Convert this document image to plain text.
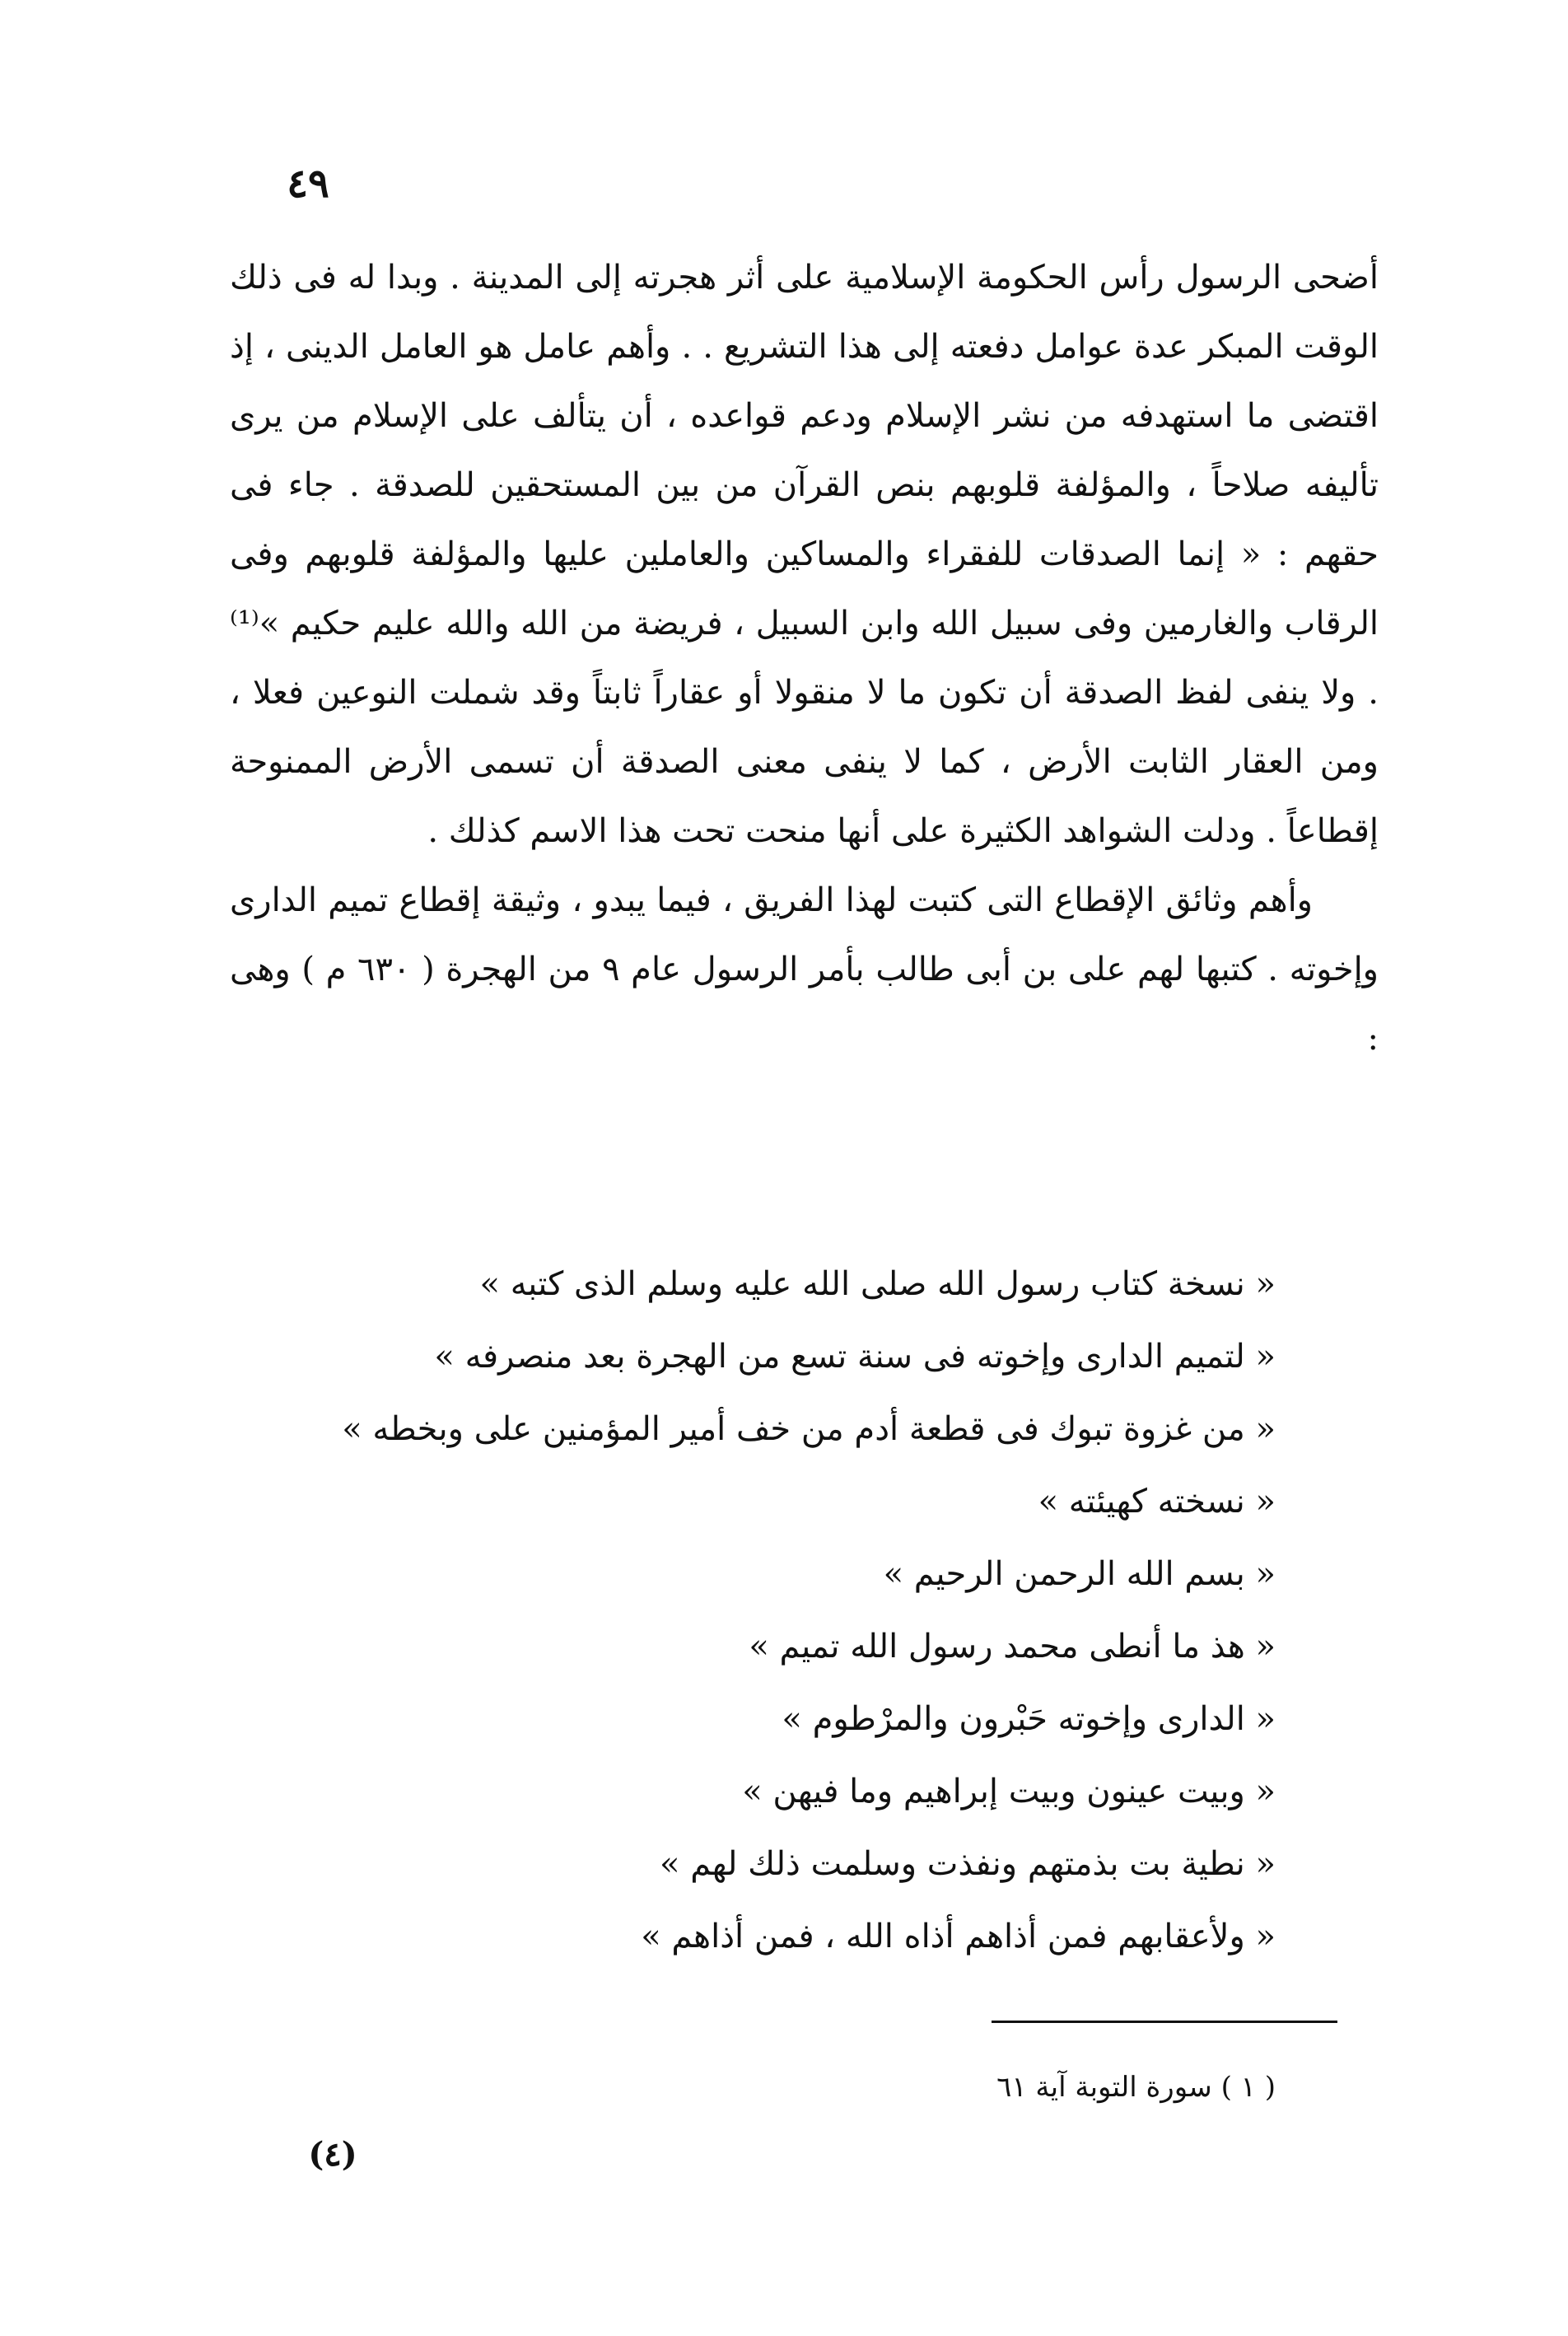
٤٩

أضحى الرسول رأس الحكومة الإسلامية على أثر هجرته إلى المدينة . وبدا له فى ذلك الوقت المبكر عدة عوامل دفعته إلى هذا التشريع . . وأهم عامل هو العامل الدينى ، إذ اقتضى ما استهدفه من نشر الإسلام ودعم قواعده ، أن يتألف على الإسلام من يرى تأليفه صلاحاً ، والمؤلفة قلوبهم بنص القرآن من بين المستحقين للصدقة . جاء فى حقهم : « إنما الصدقات للفقراء والمساكين والعاملين عليها والمؤلفة قلوبهم وفى الرقاب والغارمين وفى سبيل الله وابن السبيل ، فريضة من الله والله عليم حكيم »⁽¹⁾ . ولا ينفى لفظ الصدقة أن تكون ما لا منقولا أو عقاراً ثابتاً وقد شملت النوعين فعلا ، ومن العقار الثابت الأرض ، كما لا ينفى معنى الصدقة أن تسمى الأرض الممنوحة إقطاعاً . ودلت الشواهد الكثيرة على أنها منحت تحت هذا الاسم كذلك .

وأهم وثائق الإقطاع التى كتبت لهذا الفريق ، فيما يبدو ، وثيقة إقطاع تميم الدارى وإخوته . كتبها لهم على بن أبى طالب بأمر الرسول عام ٩ من الهجرة ( ٦٣٠ م ) وهى :

« نسخة كتاب رسول الله صلى الله عليه وسلم الذى كتبه »
« لتميم الدارى وإخوته فى سنة تسع من الهجرة بعد منصرفه »
« من غزوة تبوك فى قطعة أدم من خف أمير المؤمنين على وبخطه »
« نسخته كهيئته »
« بسم الله الرحمن الرحيم »
« هذ ما أنطى محمد رسول الله تميم »
« الدارى وإخوته حَبْرون والمرْطوم »
« وبيت عينون وبيت إبراهيم وما فيهن »
« نطية بت بذمتهم ونفذت وسلمت ذلك لهم »
« ولأعقابهم فمن أذاهم أذاه الله ، فمن أذاهم »
( ١ ) سورة التوبة آية ٦١
(٤)
